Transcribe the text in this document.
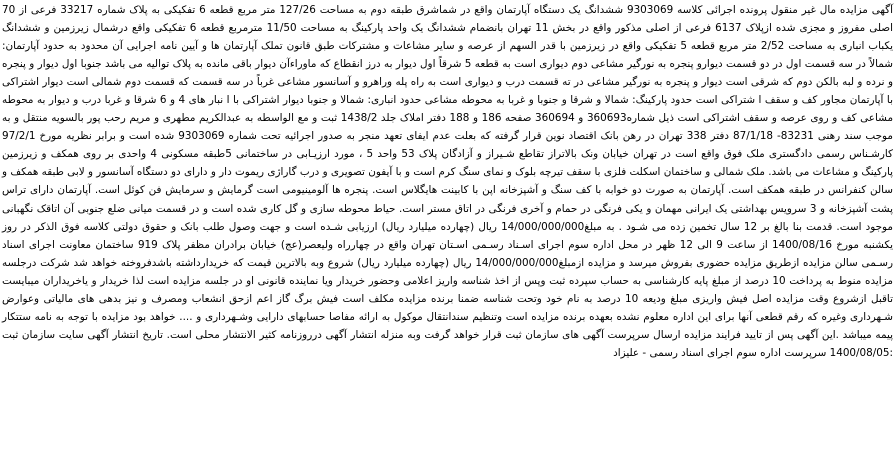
آگهی مزایده مال غیر منقول پرونده اجرائی کلاسه 9303069 ششدانگ یک دستگاه آپارتمان واقع در شماشرق طبقه دوم به مساحت 127/26 متر مربع قطعه 6 تفکیکی به پلاک شماره 33217 فرعی از 70 اصلی مفروز و مجزی شده ازپلاک 6137 فرعی از اصلی مذکور واقع در بخش 11 تهران بانضمام ششدانگ یک واحد پارکینگ به مساحت 11/50 مترمربع قطعه 6 تفکیکی واقع درشمال زیرزمین و ششدانگ یکباب انباری به مساحت 2/52 متر مربع قطعه 5 تفکیکی واقع در زیرزمین با قدر السهم از عرصه و سایر مشاعات و مشترکات طبق قانون تملک آپارتمان ها و آیین نامه اجرایی آن محدود به حدود آپارتمان: شمالاً در سه قسمت اول در دو قسمت دیوارو پنجره به نورگیر مشاعی دوم دیواری است به قطعه 5 شرقاً اول دیوار به درز انقطاع که ماوراءآن دیوار باقی مانده به پلاک توالیه می باشد جنوبا اول دیوار و پنجره و نرده و لبه بالکن دوم که شرقی است دیوار و پنجره به نورگیر مشاعی در ته قسمت درب و دیواری است به راه پله وراهرو و آسانسور مشاعی غرباً در سه قسمت که قسمت دوم شمالی است دیوار اشتراکی با آپارتمان مجاور کف و سقف ا شتراکی است حدود پارکینگ: شمالا و شرقا و جنوبا و غربا به محوطه مشاعی حدود انباری: شمالا و جنوبا دیوار اشتراکی با ا نبار های 4 و 6 شرقا و غربا درب و دیوار به محوطه مشاعی کف و روی عرصه و سقف اشتراکی است ذیل شماره360693 و 360694 صفحه 186 و 188 دفتر املاک جلد 1438/2 ثبت و مع الواسطه به عبدالکریم مطهری و مریم رحب پور بالسویه منتقل و به موجب سند رهنی 83231- 87/1/18 دفتر 338 تهران در رهن بانک اقتصاد نوین قرار گرفته که بعلت عدم ایفای تعهد منجر به صدور اجرائیه تحت شماره 9303069 شده است و برابر نظریه مورخ 97/2/1 کارشـناس رسمی دادگستری ملک فوق واقع است در تهران خیابان ونک بالاتراز تقاطع شـیراز و آزادگان پلاک 53 واحد 5 ، مورد ارزیـابی در ساختمانی 5طبقه مسکونی 4 واحدی بر روی همکف و زیرزمین پارکینگ و مشاعات می باشد. ملک شمالی و ساختمان اسکلت فلزی با سقف تیرچه بلوک و نمای سنگ کرم است و با آیفون تصویری و درب گاراژی ریموت دار و دارای دو دستگاه آسانسور و لابی طبقه همکف و سالن کنفرانس در طبقه همکف است. آپارتمان به صورت دو خوابه با کف سنگ و آشپزخانه اپن با کابینت هایگلاس است. پنجره ها آلومینیومی است گرمایش و سرمایش فن کوئل است. آپارتمان دارای تراس پشت آشپزخانه و 3 سرویس بهداشتی یک ایرانی مهمان و یکی فرنگی در حمام و آخری فرنگی در اتاق مستر است. حیاط محوطه سازی و گل کاری شده است و در قسمت میانی ضلع جنوبی آن اتاقک نگهبانی موجود است. قدمت بنا بالغ بر 12 سال تخمین زده می شـود . به مبلغ14/000/000/000 ریال (چهارده میلیارد ریال) ارزیابی شـده است و جهت وصول طلب بانک و حقوق دولتی کلاسه فوق الذکر در روز یکشنبه مورخ 1400/08/16 از ساعت 9 الی 12 ظهر در محل اداره سوم اجرای اسـناد رسـمی اسـتان تهران واقع در چهارراه ولیعصر(عج) خیابان برادران مظفر پلاک 919 ساختمان معاونت اجرای اسناد رسـمی سالن مزایده ازطریق مزایده حضوری بفروش میرسد و مزایده ازمبلغ14/000/000/000 ریال (چهارده میلیارد ریال) شروع وبه بالاترین قیمت که خریدارداشته باشدفروخته خواهد شد شرکت درجلسه مزایده منوط به پرداخت 10 درصد از مبلغ پایه کارشناسی به حساب سپرده ثبت وپس از اخذ شناسه واریز اعلامی وحضور خریدار ویا نماینده قانونی او در جلسه مزایده است لذا خریدار و یاخریداران میبایست تاقبل ازشروع وقت مزایده اصل فیش واریزی مبلغ ودیعه 10 درصد به نام خود وتحت شناسه ضمنا برنده مزایده مکلف است فیش برگ گاز اعم ازحق انشعاب ومصرف و نیز بدهی های مالیاتی وعوارض شـهرداری وغیره که رقم قطعی آنها برای این اداره معلوم نشده بعهده برنده مزایده است وتنظیم سندانتقال موکول به ارائه مفاصا حسابهای دارایی وشـهرداری و .... خواهد بود مزایده با توجه به نامه ستتکار پیمه میباشد .این آگهی پس از تایید فرایند مزایده ارسال سرپرست آگهی های سازمان ثبت قرار خواهد گرفت وبه منزله انتشار آگهی درروزنامه کثیر الانتشار محلی است. تاریخ انتشار آگهی سایت سازمان ثبت :1400/08/05 سرپرست اداره سوم اجرای اسناد رسمی - علیزاد
